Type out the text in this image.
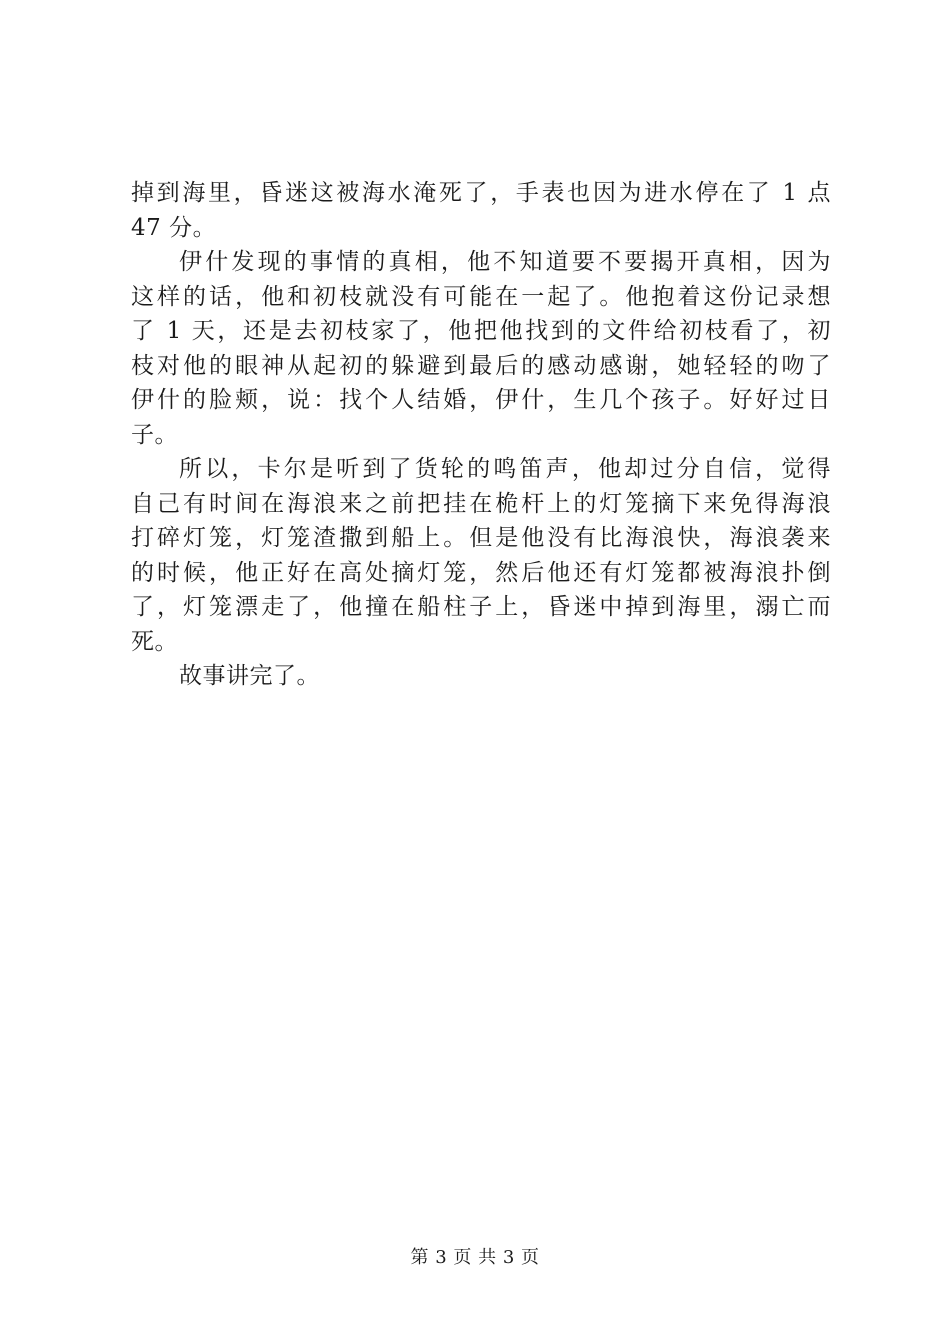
掉到海里，昏迷这被海水淹死了，手表也因为进水停在了 1 点
47 分。
伊什发现的事情的真相，他不知道要不要揭开真相，因为
这样的话，他和初枝就没有可能在一起了。他抱着这份记录想
了 1 天，还是去初枝家了，他把他找到的文件给初枝看了，初
枝对他的眼神从起初的躲避到最后的感动感谢，她轻轻的吻了
伊什的脸颊，说：找个人结婚，伊什，生几个孩子。好好过日
子。
所以，卡尔是听到了货轮的鸣笛声，他却过分自信，觉得
自己有时间在海浪来之前把挂在桅杆上的灯笼摘下来免得海浪
打碎灯笼，灯笼渣撒到船上。但是他没有比海浪快，海浪袭来
的时候，他正好在高处摘灯笼，然后他还有灯笼都被海浪扑倒
了，灯笼漂走了，他撞在船柱子上，昏迷中掉到海里，溺亡而
死。
故事讲完了。
第 3 页 共 3 页
